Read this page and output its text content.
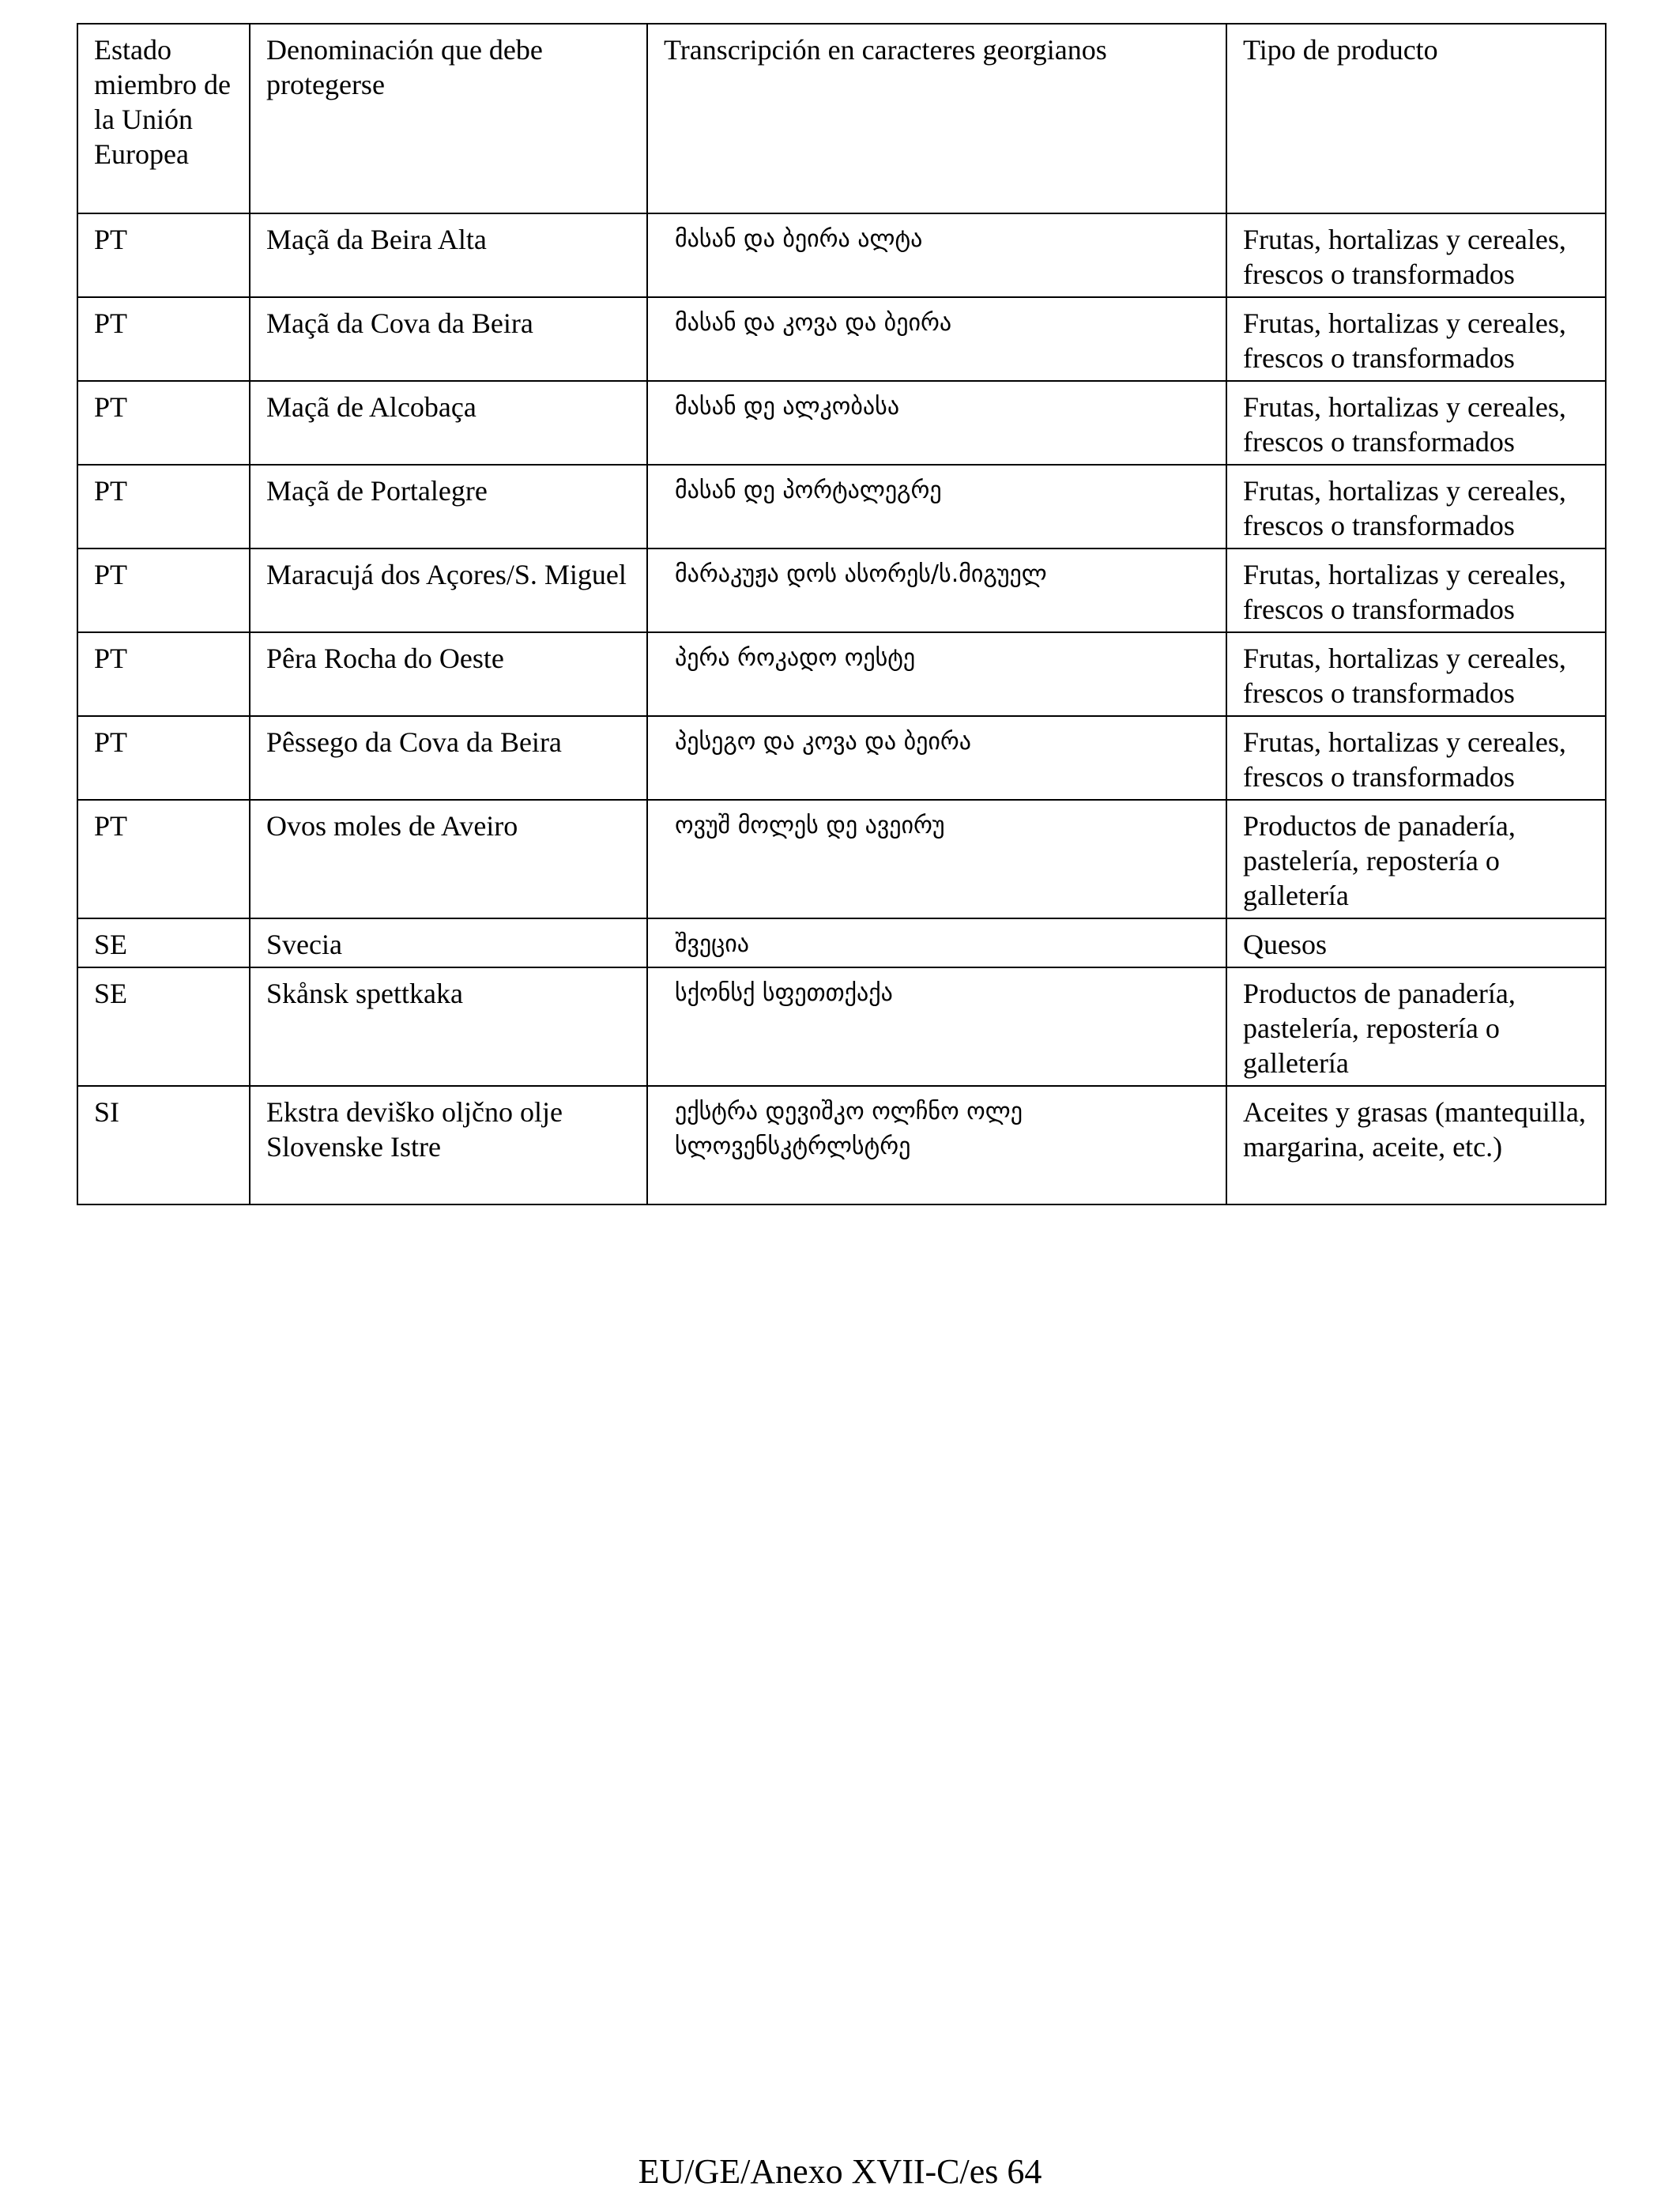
Estado miembro de la Unión Europea	Denominación que debe protegerse	Transcripción en caracteres georgianos	Tipo de producto
PT	Maçã da Beira Alta	მასან და ბეირა ალტა	Frutas, hortalizas y cereales, frescos o transformados
PT	Maçã da Cova da Beira	მასან და კოვა და ბეირა	Frutas, hortalizas y cereales, frescos o transformados
PT	Maçã de Alcobaça	მასან დე ალკობასა	Frutas, hortalizas y cereales, frescos o transformados
PT	Maçã de Portalegre	მასან დე პორტალეგრე	Frutas, hortalizas y cereales, frescos o transformados
PT	Maracujá dos Açores/S. Miguel	მარაკუჟა დოს ასორეს/ს.მიგუელ	Frutas, hortalizas y cereales, frescos o transformados
PT	Pêra Rocha do Oeste	პერა როკადო ოესტე	Frutas, hortalizas y cereales, frescos o transformados
PT	Pêssego da Cova da Beira	პესეგო და კოვა და ბეირა	Frutas, hortalizas y cereales, frescos o transformados
PT	Ovos moles de Aveiro	ოვუშ მოლეს დე ავეირუ	Productos de panadería, pastelería, repostería o galletería
SE	Svecia	შვეცია	Quesos
SE	Skånsk spettkaka	სქონსქ სფეთთქაქა	Productos de panadería, pastelería, repostería o galletería
SI	Ekstra deviško oljčno olje Slovenske Istre	ექსტრა დევიშკო ოლჩნო ოლე სლოვენსკტრლსტრე	Aceites y grasas (mantequilla, margarina, aceite, etc.)
EU/GE/Anexo XVII-C/es 64
